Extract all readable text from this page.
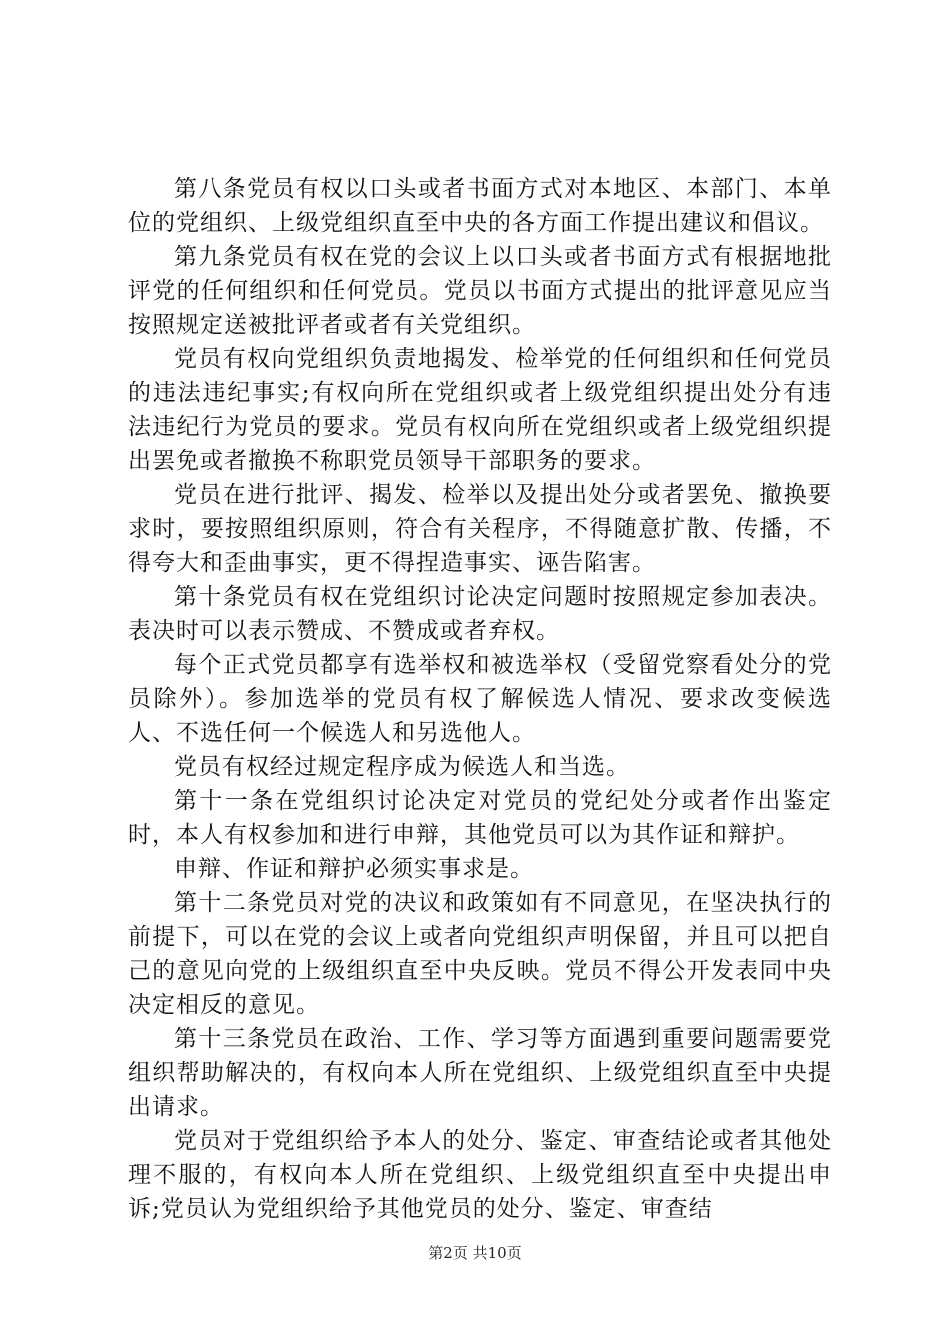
第八条党员有权以口头或者书面方式对本地区、本部门、本单位的党组织、上级党组织直至中央的各方面工作提出建议和倡议。

第九条党员有权在党的会议上以口头或者书面方式有根据地批评党的任何组织和任何党员。党员以书面方式提出的批评意见应当按照规定送被批评者或者有关党组织。

党员有权向党组织负责地揭发、检举党的任何组织和任何党员的违法违纪事实;有权向所在党组织或者上级党组织提出处分有违法违纪行为党员的要求。党员有权向所在党组织或者上级党组织提出罢免或者撤换不称职党员领导干部职务的要求。

党员在进行批评、揭发、检举以及提出处分或者罢免、撤换要求时，要按照组织原则，符合有关程序，不得随意扩散、传播，不得夸大和歪曲事实，更不得捏造事实、诬告陷害。

第十条党员有权在党组织讨论决定问题时按照规定参加表决。表决时可以表示赞成、不赞成或者弃权。

每个正式党员都享有选举权和被选举权（受留党察看处分的党员除外）。参加选举的党员有权了解候选人情况、要求改变候选人、不选任何一个候选人和另选他人。

党员有权经过规定程序成为候选人和当选。

第十一条在党组织讨论决定对党员的党纪处分或者作出鉴定时，本人有权参加和进行申辩，其他党员可以为其作证和辩护。

申辩、作证和辩护必须实事求是。

第十二条党员对党的决议和政策如有不同意见，在坚决执行的前提下，可以在党的会议上或者向党组织声明保留，并且可以把自己的意见向党的上级组织直至中央反映。党员不得公开发表同中央决定相反的意见。

第十三条党员在政治、工作、学习等方面遇到重要问题需要党组织帮助解决的，有权向本人所在党组织、上级党组织直至中央提出请求。

党员对于党组织给予本人的处分、鉴定、审查结论或者其他处理不服的，有权向本人所在党组织、上级党组织直至中央提出申诉;党员认为党组织给予其他党员的处分、鉴定、审查结

第2页 共10页
